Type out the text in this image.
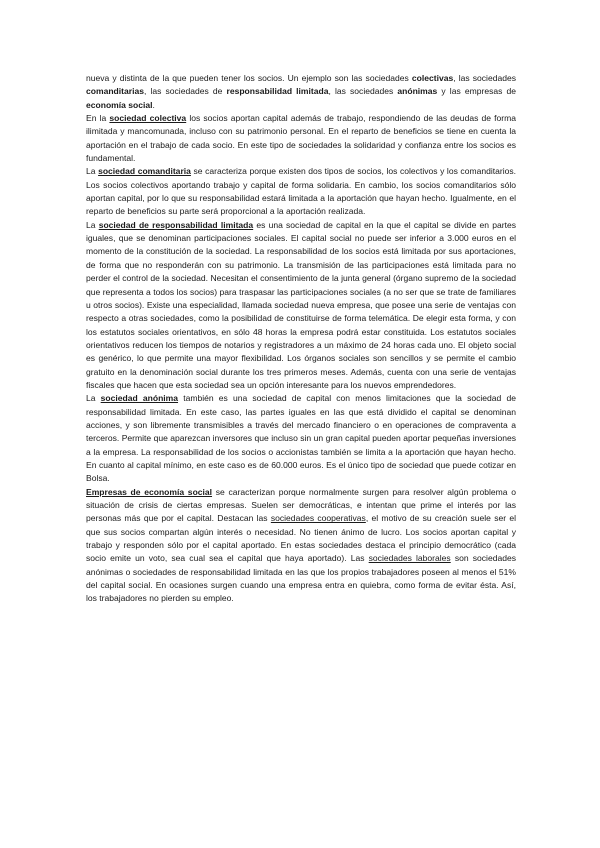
nueva y distinta de la que pueden tener los socios. Un ejemplo son las sociedades colectivas, las sociedades comanditarias, las sociedades de responsabilidad limitada, las sociedades anónimas y las empresas de economía social.

En la sociedad colectiva los socios aportan capital además de trabajo, respondiendo de las deudas de forma ilimitada y mancomunada, incluso con su patrimonio personal. En el reparto de beneficios se tiene en cuenta la aportación en el trabajo de cada socio. En este tipo de sociedades la solidaridad y confianza entre los socios es fundamental.

La sociedad comanditaria se caracteriza porque existen dos tipos de socios, los colectivos y los comanditarios. Los socios colectivos aportando trabajo y capital de forma solidaria. En cambio, los socios comanditarios sólo aportan capital, por lo que su responsabilidad estará limitada a la aportación que hayan hecho. Igualmente, en el reparto de beneficios su parte será proporcional a la aportación realizada.

La sociedad de responsabilidad limitada es una sociedad de capital en la que el capital se divide en partes iguales, que se denominan participaciones sociales. El capital social no puede ser inferior a 3.000 euros en el momento de la constitución de la sociedad. La responsabilidad de los socios está limitada por sus aportaciones, de forma que no responderán con su patrimonio. La transmisión de las participaciones está limitada para no perder el control de la sociedad. Necesitan el consentimiento de la junta general (órgano supremo de la sociedad que representa a todos los socios) para traspasar las participaciones sociales (a no ser que se trate de familiares u otros socios). Existe una especialidad, llamada sociedad nueva empresa, que posee una serie de ventajas con respecto a otras sociedades, como la posibilidad de constituirse de forma telemática. De elegir esta forma, y con los estatutos sociales orientativos, en sólo 48 horas la empresa podrá estar constituida. Los estatutos sociales orientativos reducen los tiempos de notarios y registradores a un máximo de 24 horas cada uno. El objeto social es genérico, lo que permite una mayor flexibilidad. Los órganos sociales son sencillos y se permite el cambio gratuito en la denominación social durante los tres primeros meses. Además, cuenta con una serie de ventajas fiscales que hacen que esta sociedad sea un opción interesante para los nuevos emprendedores.

La sociedad anónima también es una sociedad de capital con menos limitaciones que la sociedad de responsabilidad limitada. En este caso, las partes iguales en las que está dividido el capital se denominan acciones, y son libremente transmisibles a través del mercado financiero o en operaciones de compraventa a terceros. Permite que aparezcan inversores que incluso sin un gran capital pueden aportar pequeñas inversiones a la empresa. La responsabilidad de los socios o accionistas también se limita a la aportación que hayan hecho. En cuanto al capital mínimo, en este caso es de 60.000 euros. Es el único tipo de sociedad que puede cotizar en Bolsa.

Empresas de economía social se caracterizan porque normalmente surgen para resolver algún problema o situación de crisis de ciertas empresas. Suelen ser democráticas, e intentan que prime el interés por las personas más que por el capital. Destacan las sociedades cooperativas, el motivo de su creación suele ser el que sus socios compartan algún interés o necesidad. No tienen ánimo de lucro. Los socios aportan capital y trabajo y responden sólo por el capital aportado. En estas sociedades destaca el principio democrático (cada socio emite un voto, sea cual sea el capital que haya aportado). Las sociedades laborales son sociedades anónimas o sociedades de responsabilidad limitada en las que los propios trabajadores poseen al menos el 51% del capital social. En ocasiones surgen cuando una empresa entra en quiebra, como forma de evitar ésta. Así, los trabajadores no pierden su empleo.
